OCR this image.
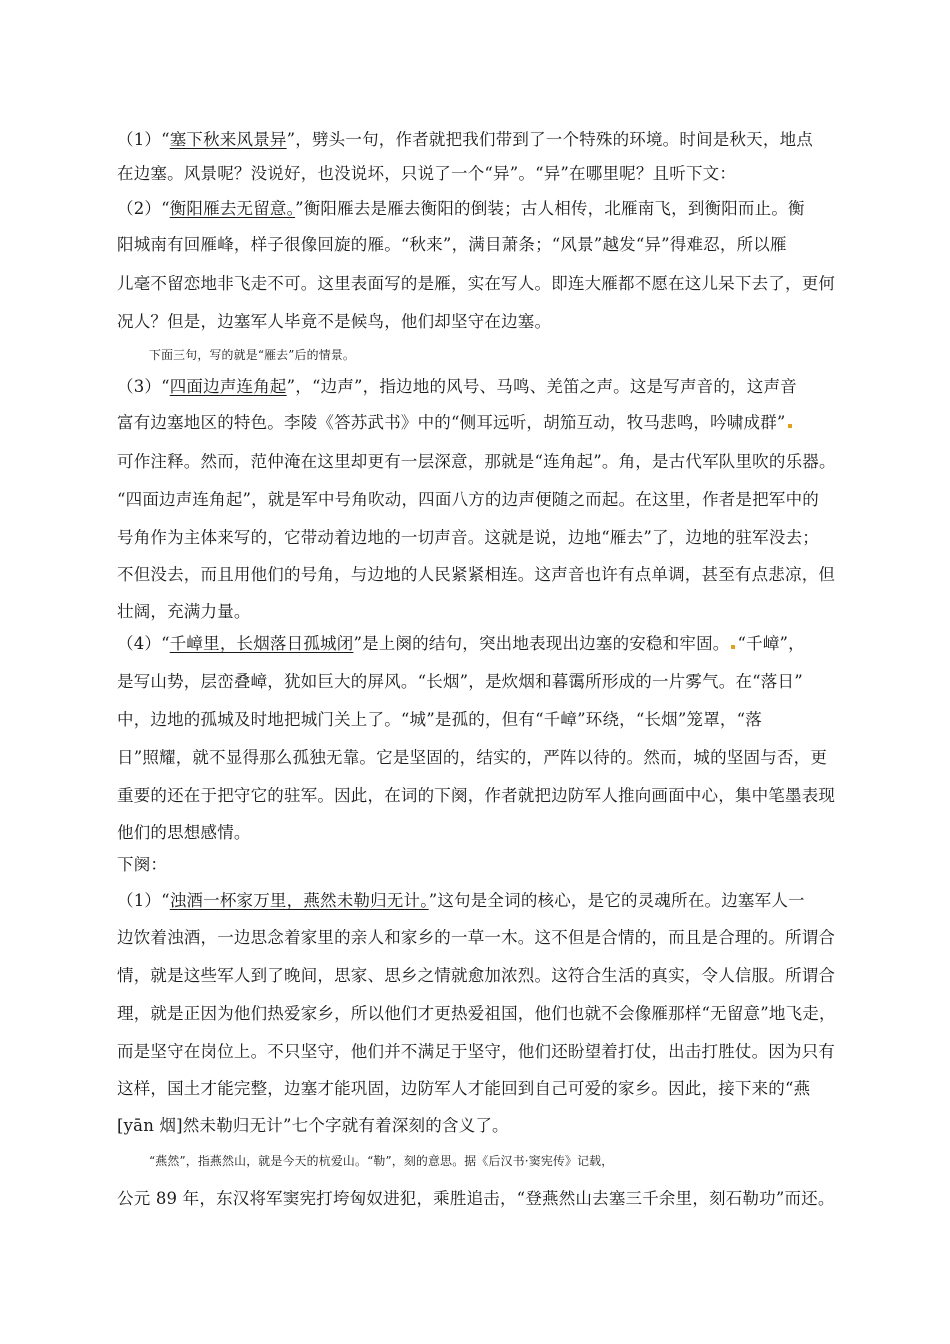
（1）“塞下秋来风景异”，劈头一句，作者就把我们带到了一个特殊的环境。时间是秋天，地点
在边塞。风景呢？没说好，也没说坏，只说了一个“异”。“异”在哪里呢？且听下文：
（2）“衡阳雁去无留意。”衡阳雁去是雁去衡阳的倒装；古人相传，北雁南飞，到衡阳而止。衡
阳城南有回雁峰，样子很像回旋的雁。“秋来”，满目萧条；“风景”越发“异”得难忍，所以雁
儿毫不留恋地非飞走不可。这里表面写的是雁，实在写人。即连大雁都不愿在这儿呆下去了，更何
况人？但是，边塞军人毕竟不是候鸟，他们却坚守在边塞。
下面三句，写的就是“雁去”后的情景。
（3）“四面边声连角起”，“边声”，指边地的风号、马鸣、羌笛之声。这是写声音的，这声音
富有边塞地区的特色。李陵《答苏武书》中的“侧耳远听，胡笳互动，牧马悲鸣，吟啸成群”
可作注释。然而，范仲淹在这里却更有一层深意，那就是“连角起”。角，是古代军队里吹的乐器。
“四面边声连角起”，就是军中号角吹动，四面八方的边声便随之而起。在这里，作者是把军中的
号角作为主体来写的，它带动着边地的一切声音。这就是说，边地“雁去”了，边地的驻军没去；
不但没去，而且用他们的号角，与边地的人民紧紧相连。这声音也许有点单调，甚至有点悲凉，但
壮阔，充满力量。
（4）“千嶂里，长烟落日孤城闭”是上阕的结句，突出地表现出边塞的安稳和牢固。 “千嶂”，
是写山势，层峦叠嶂，犹如巨大的屏风。“长烟”，是炊烟和暮霭所形成的一片雾气。在“落日”
中，边地的孤城及时地把城门关上了。“城”是孤的，但有“千嶂”环绕，“长烟”笼罩，“落
日”照耀，就不显得那么孤独无靠。它是坚固的，结实的，严阵以待的。然而，城的坚固与否，更
重要的还在于把守它的驻军。因此，在词的下阕，作者就把边防军人推向画面中心，集中笔墨表现
他们的思想感情。
下阕：
（1）“浊酒一杯家万里，燕然未勒归无计。”这句是全词的核心，是它的灵魂所在。边塞军人一
边饮着浊酒，一边思念着家里的亲人和家乡的一草一木。这不但是合情的，而且是合理的。所谓合
情，就是这些军人到了晚间，思家、思乡之情就愈加浓烈。这符合生活的真实，令人信服。所谓合
理，就是正因为他们热爱家乡，所以他们才更热爱祖国，他们也就不会像雁那样“无留意”地飞走，
而是坚守在岗位上。不只坚守，他们并不满足于坚守，他们还盼望着打仗，出击打胜仗。因为只有
这样，国土才能完整，边塞才能巩固，边防军人才能回到自己可爱的家乡。因此，接下来的“燕
[yān 烟]然未勒归无计”七个字就有着深刻的含义了。
“燕然”，指燕然山，就是今天的杭爱山。“勒”，刻的意思。据《后汉书·窦宪传》记载，
公元 89 年，东汉将军窦宪打垮匈奴进犯，乘胜追击，“登燕然山去塞三千余里，刻石勒功”而还。
